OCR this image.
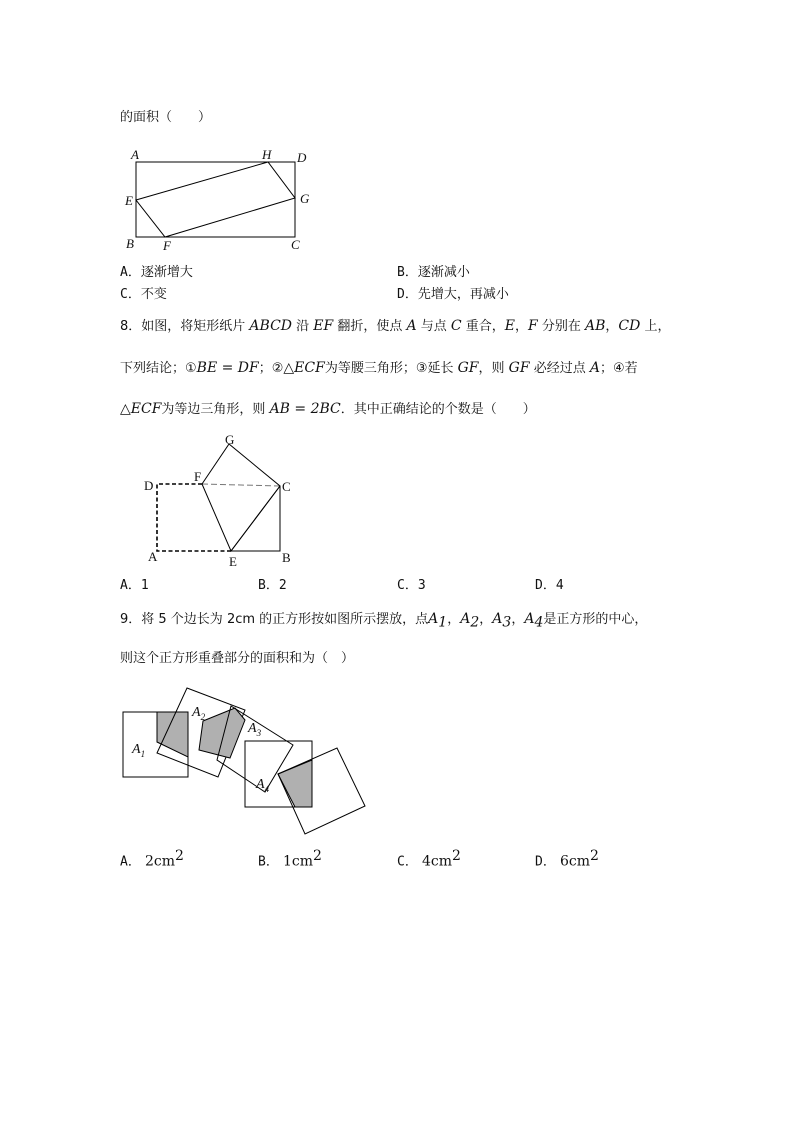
的面积（　　）
A	H D
E	G
B F	C
A．逐渐增大	B．逐渐减小
C．不变	D．先增大，再减小
8．如图，将矩形纸片 ABCD 沿 EF 翻折，使点 A 与点 C 重合，E，F 分别在 AB，CD 上，
下列结论；①BE = DF；②△ECF为等腰三角形；③延长 GF，则 GF 必经过点 A；④若
△ECF为等边三角形，则 AB = 2BC．其中正确结论的个数是（　　）
G
F
D	C
A	E	B
A．1	B．2	C．3	D．4
9．将 5 个边长为 2cm 的正方形按如图所示摆放，点$A_1$，$A_2$，$A_3$，$A_4$是正方形的中心，
则这个正方形重叠部分的面积和为（　）
$A_1$
$A_2$
$A_3$
$A_4$
A． $2cm^2$	B． $1cm^2$	C． $4cm^2$	D． $6cm^2$
